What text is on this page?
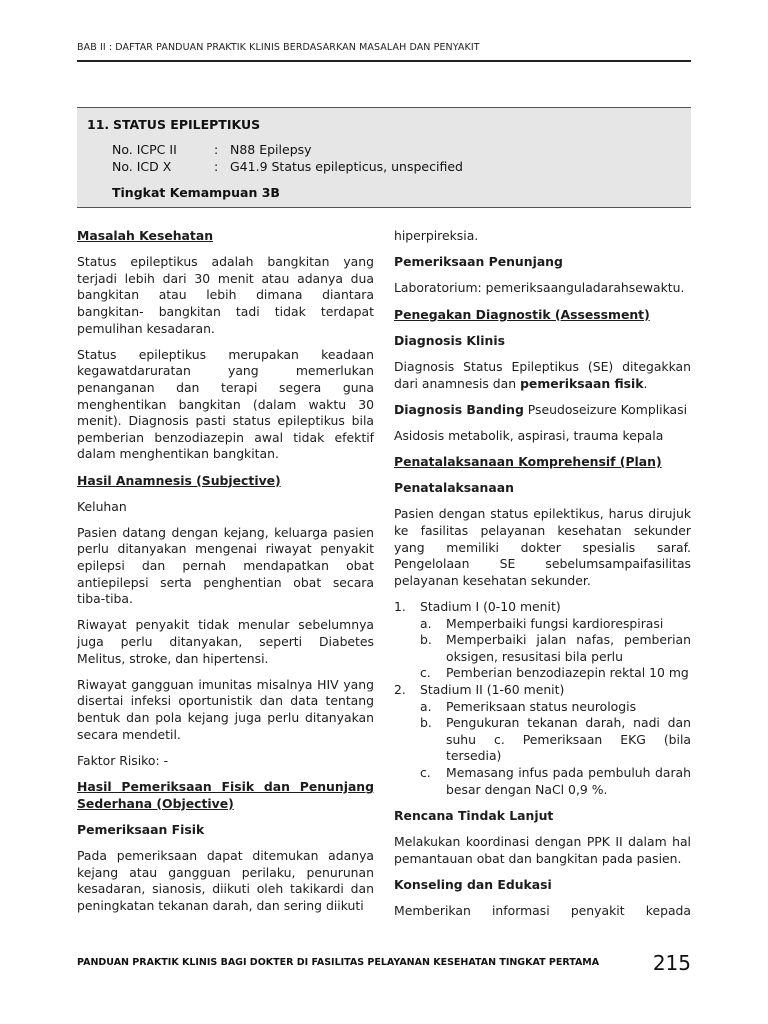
BAB II : DAFTAR PANDUAN PRAKTIK KLINIS BERDASARKAN MASALAH DAN PENYAKIT
11. STATUS EPILEPTIKUS
No. ICPC II	: N88 Epilepsy
No. ICD X	: G41.9 Status epilepticus, unspecified
Tingkat Kemampuan 3B

Masalah Kesehatan

Status epileptikus adalah bangkitan yang terjadi lebih dari 30 menit atau adanya dua bangkitan atau lebih dimana diantara bangkitan- bangkitan tadi tidak terdapat pemulihan kesadaran.

Status epileptikus merupakan keadaan kegawatdaruratan yang memerlukan penanganan dan terapi segera guna menghentikan bangkitan (dalam waktu 30 menit). Diagnosis pasti status epileptikus bila pemberian benzodiazepin awal tidak efektif dalam menghentikan bangkitan.

Hasil Anamnesis (Subjective)

Keluhan

Pasien datang dengan kejang, keluarga pasien perlu ditanyakan mengenai riwayat penyakit epilepsi dan pernah mendapatkan obat antiepilepsi serta penghentian obat secara tiba-tiba.

Riwayat penyakit tidak menular sebelumnya juga perlu ditanyakan, seperti Diabetes Melitus, stroke, dan hipertensi.

Riwayat gangguan imunitas misalnya HIV yang disertai infeksi oportunistik dan data tentang bentuk dan pola kejang juga perlu ditanyakan secara mendetil.

Faktor Risiko: -

Hasil Pemeriksaan Fisik dan Penunjang Sederhana (Objective)

Pemeriksaan Fisik

Pada pemeriksaan dapat ditemukan adanya kejang atau gangguan perilaku, penurunan kesadaran, sianosis, diikuti oleh takikardi dan peningkatan tekanan darah, dan sering diikuti

hiperpireksia.

Pemeriksaan Penunjang

Laboratorium: pemeriksaanguladarahsewaktu.

Penegakan Diagnostik (Assessment)

Diagnosis Klinis

Diagnosis Status Epileptikus (SE) ditegakkan dari anamnesis dan pemeriksaan fisik.

Diagnosis Banding Pseudoseizure Komplikasi

Asidosis metabolik, aspirasi, trauma kepala

Penatalaksanaan Komprehensif (Plan)

Penatalaksanaan

Pasien dengan status epilektikus, harus dirujuk ke fasilitas pelayanan kesehatan sekunder yang memiliki dokter spesialis saraf. Pengelolaan SE sebelumsampaifasilitas pelayanan kesehatan sekunder.

1. Stadium I (0-10 menit)
a. Memperbaiki fungsi kardiorespirasi
b. Memperbaiki jalan nafas, pemberian oksigen, resusitasi bila perlu
c. Pemberian benzodiazepin rektal 10 mg
2. Stadium II (1-60 menit)
a. Pemeriksaan status neurologis
b. Pengukuran tekanan darah, nadi dan suhu c. Pemeriksaan EKG (bila tersedia)
c. Memasang infus pada pembuluh darah besar dengan NaCl 0,9 %.

Rencana Tindak Lanjut

Melakukan koordinasi dengan PPK II dalam hal pemantauan obat dan bangkitan pada pasien.

Konseling dan Edukasi

Memberikan informasi penyakit kepada

PANDUAN PRAKTIK KLINIS BAGI DOKTER DI FASILITAS PELAYANAN KESEHATAN TINGKAT PERTAMA	215
